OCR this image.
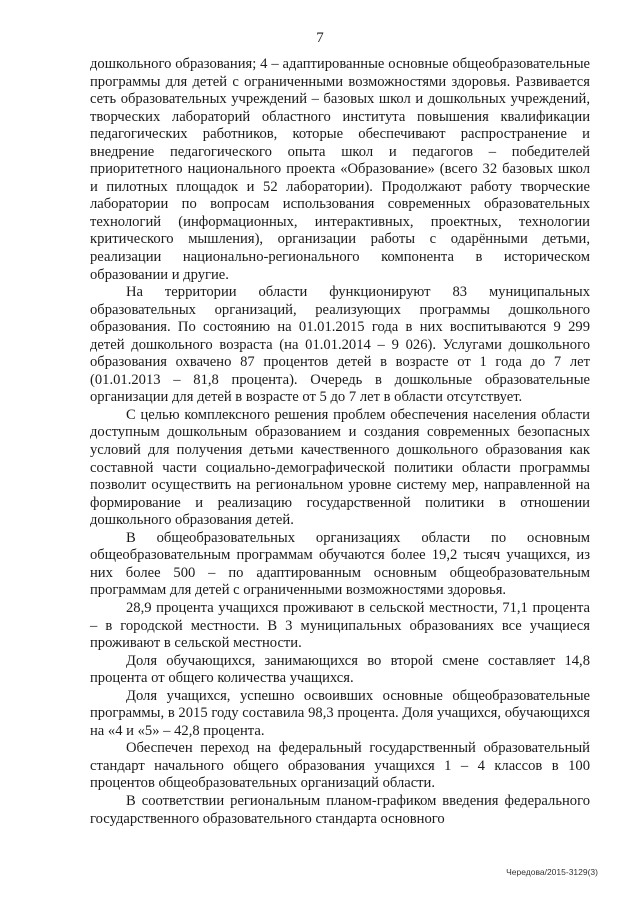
7

дошкольного образования; 4 – адаптированные основные общеобразовательные программы для детей с ограниченными возможностями здоровья. Развивается сеть образовательных учреждений – базовых школ и дошкольных учреждений, творческих лабораторий областного института повышения квалификации педагогических работников, которые обеспечивают распространение и внедрение педагогического опыта школ и педагогов – победителей приоритетного национального проекта «Образование» (всего 32 базовых школ и пилотных площадок и 52 лаборатории). Продолжают работу творческие лаборатории по вопросам использования современных образовательных технологий (информационных, интерактивных, проектных, технологии критического мышления), организации работы с одарёнными детьми, реализации национально-регионального компонента в историческом образовании и другие.

На территории области функционируют 83 муниципальных образовательных организаций, реализующих программы дошкольного образования. По состоянию на 01.01.2015 года в них воспитываются 9 299 детей дошкольного возраста (на 01.01.2014 – 9 026). Услугами дошкольного образования охвачено 87 процентов детей в возрасте от 1 года до 7 лет (01.01.2013 – 81,8 процента). Очередь в дошкольные образовательные организации для детей в возрасте от 5 до 7 лет в области отсутствует.

С целью комплексного решения проблем обеспечения населения области доступным дошкольным образованием и создания современных безопасных условий для получения детьми качественного дошкольного образования как составной части социально-демографической политики области программы позволит осуществить на региональном уровне систему мер, направленной на формирование и реализацию государственной политики в отношении дошкольного образования детей.

В общеобразовательных организациях области по основным общеобразовательным программам обучаются более 19,2 тысяч учащихся, из них более 500 – по адаптированным основным общеобразовательным программам для детей с ограниченными возможностями здоровья.

28,9 процента учащихся проживают в сельской местности, 71,1 процента – в городской местности. В 3 муниципальных образованиях все учащиеся проживают в сельской местности.

Доля обучающихся, занимающихся во второй смене составляет 14,8 процента от общего количества учащихся.

Доля учащихся, успешно освоивших основные общеобразовательные программы, в 2015 году составила 98,3 процента. Доля учащихся, обучающихся на «4 и «5» – 42,8 процента.

Обеспечен переход на федеральный государственный образовательный стандарт начального общего образования учащихся 1 – 4 классов в 100 процентов общеобразовательных организаций области.

В соответствии региональным планом-графиком введения федерального государственного образовательного стандарта основного

Чередова/2015-3129(3)
